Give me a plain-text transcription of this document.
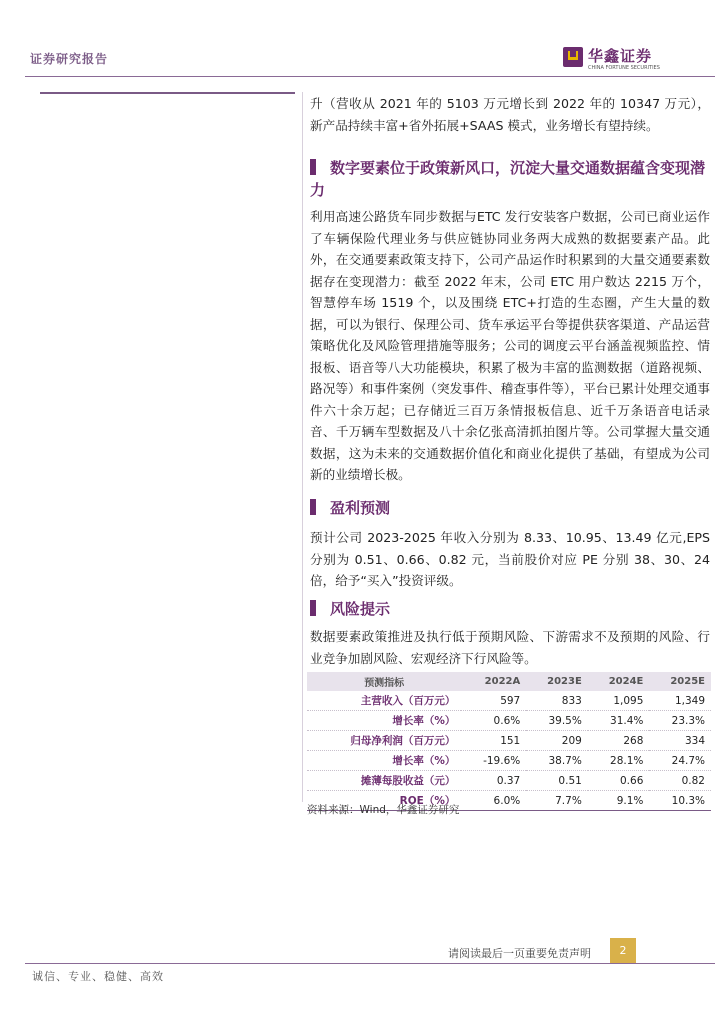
证券研究报告	华鑫证券
CHINA FORTUNE SECURITIES
升（营收从 2021 年的 5103 万元增长到 2022 年的 10347 万元），新产品持续丰富+省外拓展+SAAS 模式，业务增长有望持续。
数字要素位于政策新风口，沉淀大量交通数据蕴含变现潜力
利用高速公路货车同步数据与ETC 发行安装客户数据，公司已商业运作了车辆保险代理业务与供应链协同业务两大成熟的数据要素产品。此外，在交通要素政策支持下，公司产品运作时积累到的大量交通要素数据存在变现潜力：截至 2022 年末，公司 ETC 用户数达 2215 万个，智慧停车场 1519 个，以及围绕 ETC+打造的生态圈，产生大量的数据，可以为银行、保理公司、货车承运平台等提供获客渠道、产品运营策略优化及风险管理措施等服务；公司的调度云平台涵盖视频监控、情报板、语音等八大功能模块，积累了极为丰富的监测数据（道路视频、路况等）和事件案例（突发事件、稽查事件等），平台已累计处理交通事件六十余万起；已存储近三百万条情报板信息、近千万条语音电话录音、千万辆车型数据及八十余亿张高清抓拍图片等。公司掌握大量交通数据，这为未来的交通数据价值化和商业化提供了基础，有望成为公司新的业绩增长极。
盈利预测
预计公司 2023-2025 年收入分别为 8.33、10.95、13.49 亿元,EPS 分别为 0.51、0.66、0.82 元，当前股价对应 PE 分别 38、30、24 倍，给予“买入”投资评级。
风险提示
数据要素政策推进及执行低于预期风险、下游需求不及预期的风险、行业竞争加剧风险、宏观经济下行风险等。
预测指标	2022A	2023E	2024E	2025E
主营收入（百万元）	597	833	1,095	1,349
增长率（%）	0.6%	39.5%	31.4%	23.3%
归母净利润（百万元）	151	209	268	334
增长率（%）	-19.6%	38.7%	28.1%	24.7%
摊薄每股收益（元）	0.37	0.51	0.66	0.82
ROE（%）	6.0%	7.7%	9.1%	10.3%
资料来源：Wind，华鑫证券研究
请阅读最后一页重要免责声明	2
诚信、专业、稳健、高效
